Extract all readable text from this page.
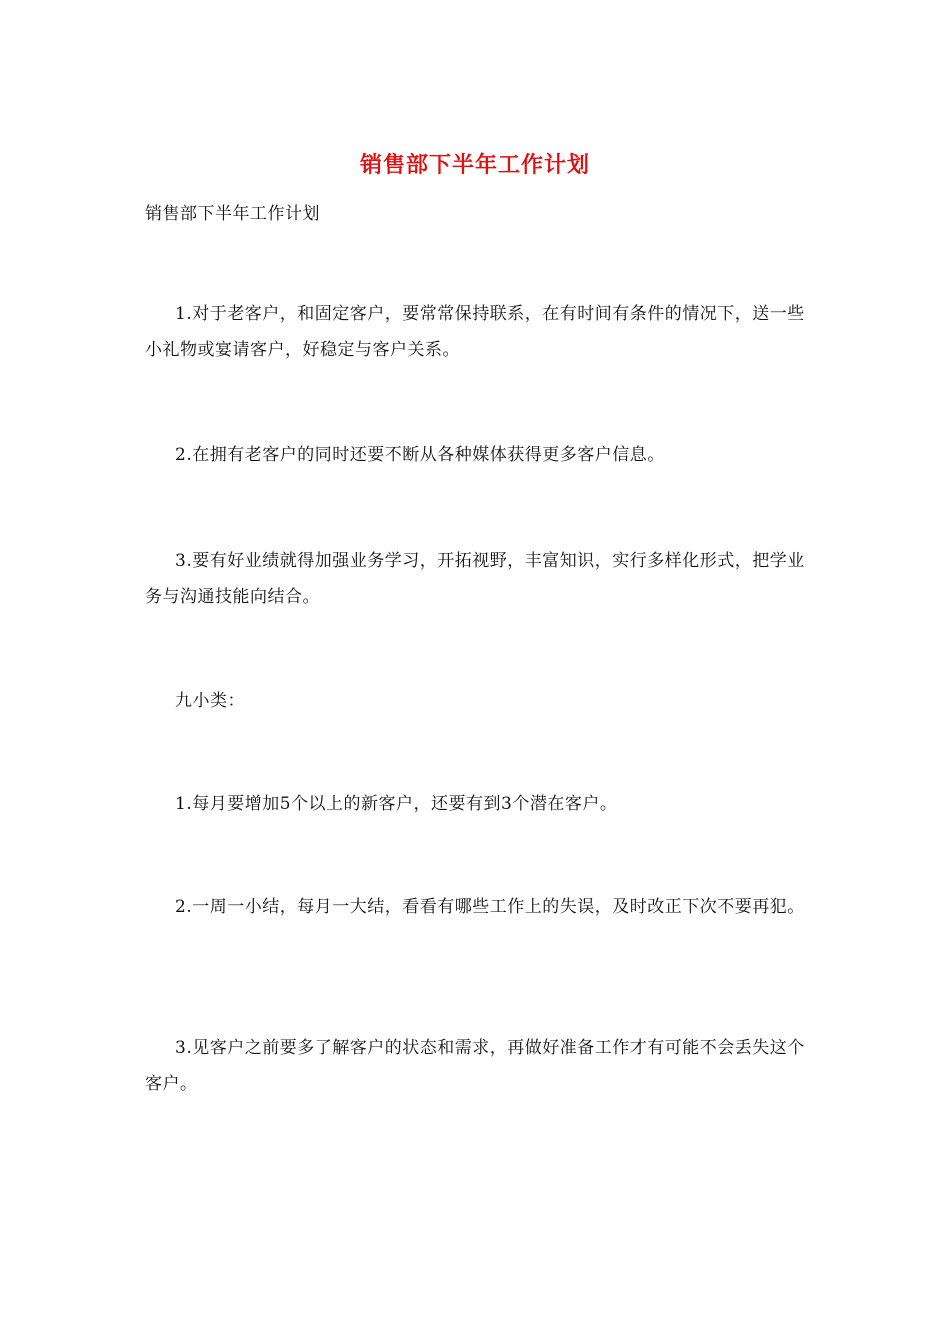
销售部下半年工作计划

销售部下半年工作计划

1.对于老客户，和固定客户，要常常保持联系，在有时间有条件的情况下，送一些小礼物或宴请客户，好稳定与客户关系。

2.在拥有老客户的同时还要不断从各种媒体获得更多客户信息。

3.要有好业绩就得加强业务学习，开拓视野，丰富知识，实行多样化形式，把学业务与沟通技能向结合。

九小类：

1.每月要增加5个以上的新客户，还要有到3个潜在客户。

2.一周一小结，每月一大结，看看有哪些工作上的失误，及时改正下次不要再犯。

3.见客户之前要多了解客户的状态和需求，再做好准备工作才有可能不会丢失这个客户。
